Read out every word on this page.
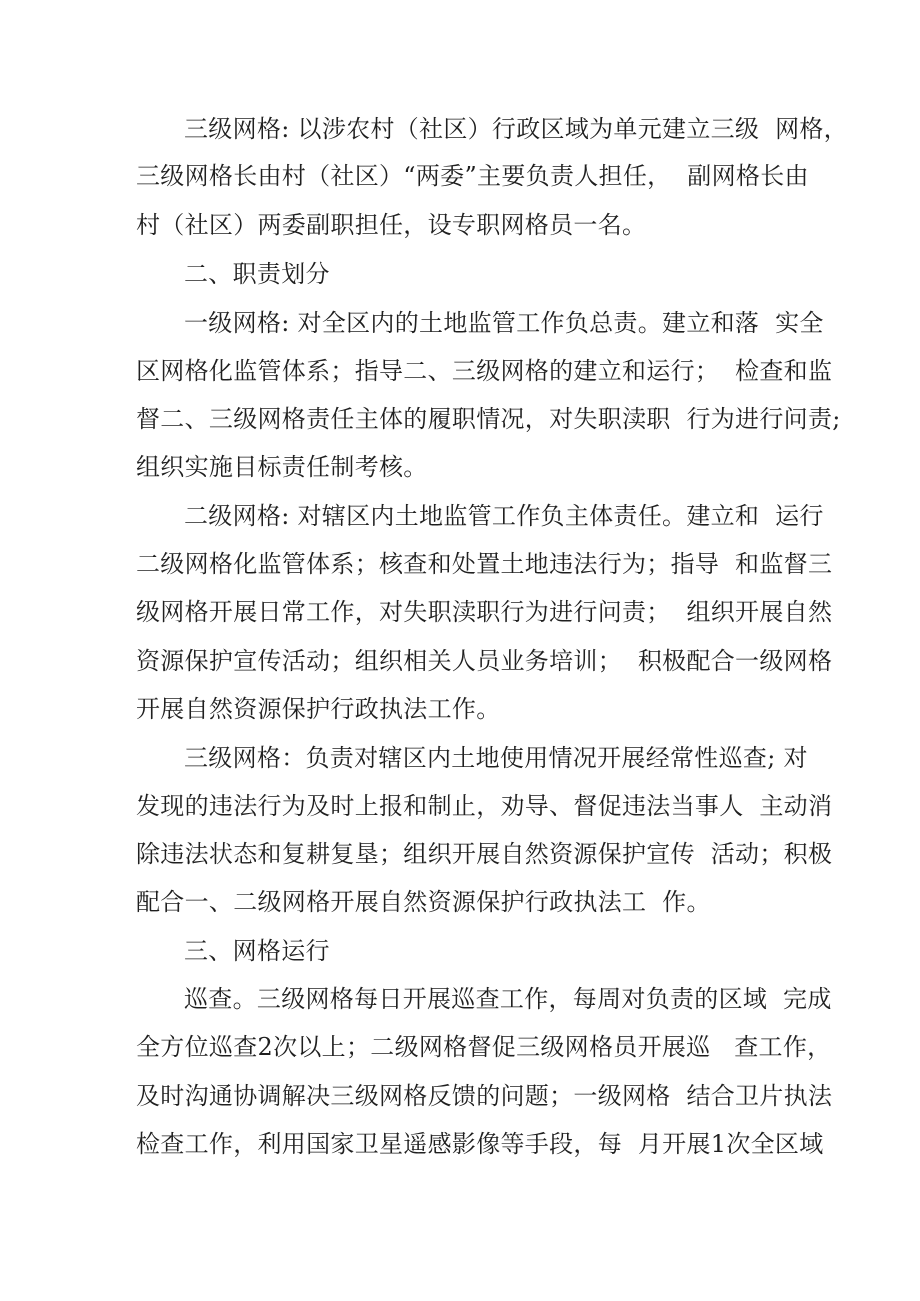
三级网格: 以涉农村（社区）行政区域为单元建立三级  网格，
三级网格长由村（社区）“两委”主要负责人担任，  副网格长由
村（社区）两委副职担任，设专职网格员一名。
二、职责划分
一级网格: 对全区内的土地监管工作负总责。建立和落  实全
区网格化监管体系；指导二、三级网格的建立和运行；  检查和监
督二、三级网格责任主体的履职情况，对失职渎职  行为进行问责;
组织实施目标责任制考核。
二级网格: 对辖区内土地监管工作负主体责任。建立和  运行
二级网格化监管体系；核查和处置土地违法行为；指导  和监督三
级网格开展日常工作，对失职渎职行为进行问责；  组织开展自然
资源保护宣传活动；组织相关人员业务培训；  积极配合一级网格
开展自然资源保护行政执法工作。
三级网格：负责对辖区内土地使用情况开展经常性巡查; 对
发现的违法行为及时上报和制止，劝导、督促违法当事人  主动消
除违法状态和复耕复垦；组织开展自然资源保护宣传  活动；积极
配合一、二级网格开展自然资源保护行政执法工  作。
三、网格运行
巡查。三级网格每日开展巡查工作，每周对负责的区域  完成
全方位巡查2次以上；二级网格督促三级网格员开展巡   查工作，
及时沟通协调解决三级网格反馈的问题；一级网格  结合卫片执法
检查工作，利用国家卫星遥感影像等手段，每  月开展1次全区域
